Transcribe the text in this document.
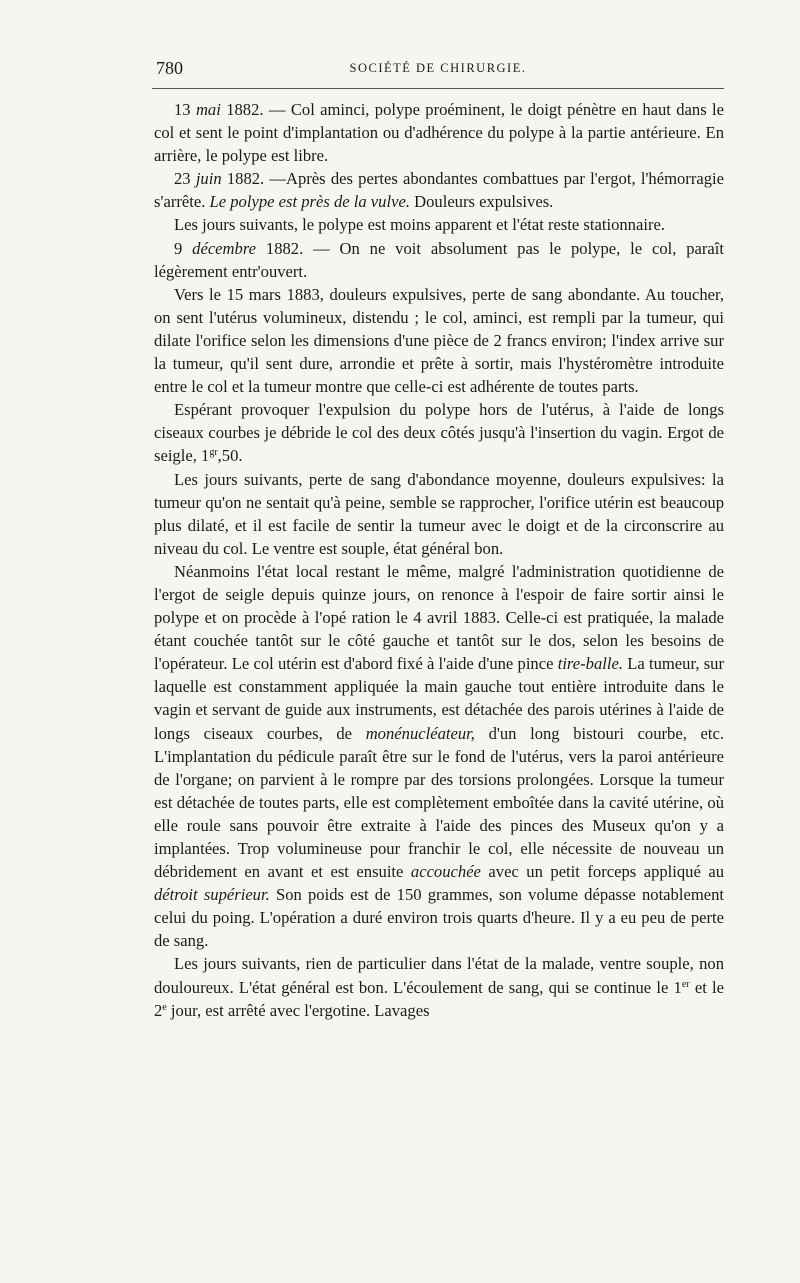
780	SOCIÉTÉ DE CHIRURGIE.

13 mai 1882. — Col aminci, polype proéminent, le doigt pénètre en haut dans le col et sent le point d'implantation ou d'adhérence du polype à la partie antérieure. En arrière, le polype est libre.

23 juin 1882. —Après des pertes abondantes combattues par l'ergot, l'hémorragie s'arrête. Le polype est près de la vulve. Douleurs expulsives.

Les jours suivants, le polype est moins apparent et l'état reste stationnaire.

9 décembre 1882. — On ne voit absolument pas le polype, le col, paraît légèrement entr'ouvert.

Vers le 15 mars 1883, douleurs expulsives, perte de sang abondante. Au toucher, on sent l'utérus volumineux, distendu ; le col, aminci, est rempli par la tumeur, qui dilate l'orifice selon les dimensions d'une pièce de 2 francs environ; l'index arrive sur la tumeur, qu'il sent dure, arrondie et prête à sortir, mais l'hystéromètre introduite entre le col et la tumeur montre que celle-ci est adhérente de toutes parts.

Espérant provoquer l'expulsion du polype hors de l'utérus, à l'aide de longs ciseaux courbes je débride le col des deux côtés jusqu'à l'insertion du vagin. Ergot de seigle, $1^{gr},50$.

Les jours suivants, perte de sang d'abondance moyenne, douleurs expulsives: la tumeur qu'on ne sentait qu'à peine, semble se rapprocher, l'orifice utérin est beaucoup plus dilaté, et il est facile de sentir la tumeur avec le doigt et de la circonscrire au niveau du col. Le ventre est souple, état général bon.

Néanmoins l'état local restant le même, malgré l'administration quotidienne de l'ergot de seigle depuis quinze jours, on renonce à l'espoir de faire sortir ainsi le polype et on procède à l'opé ration le 4 avril 1883. Celle-ci est pratiquée, la malade étant couchée tantôt sur le côté gauche et tantôt sur le dos, selon les besoins de l'opérateur. Le col utérin est d'abord fixé à l'aide d'une pince tire-balle. La tumeur, sur laquelle est constamment appliquée la main gauche tout entière introduite dans le vagin et servant de guide aux instruments, est détachée des parois utérines à l'aide de longs ciseaux courbes, de monénucléateur, d'un long bistouri courbe, etc. L'implantation du pédicule paraît être sur le fond de l'utérus, vers la paroi antérieure de l'organe; on parvient à le rompre par des torsions prolongées. Lorsque la tumeur est détachée de toutes parts, elle est complètement emboîtée dans la cavité utérine, où elle roule sans pouvoir être extraite à l'aide des pinces des Museux qu'on y a implantées. Trop volumineuse pour franchir le col, elle nécessite de nouveau un débridement en avant et est ensuite accouchée avec un petit forceps appliqué au détroit supérieur. Son poids est de 150 grammes, son volume dépasse notablement celui du poing. L'opération a duré environ trois quarts d'heure. Il y a eu peu de perte de sang.

Les jours suivants, rien de particulier dans l'état de la malade, ventre souple, non douloureux. L'état général est bon. L'écoulement de sang, qui se continue le 1er et le 2e jour, est arrêté avec l'ergotine. Lavages
